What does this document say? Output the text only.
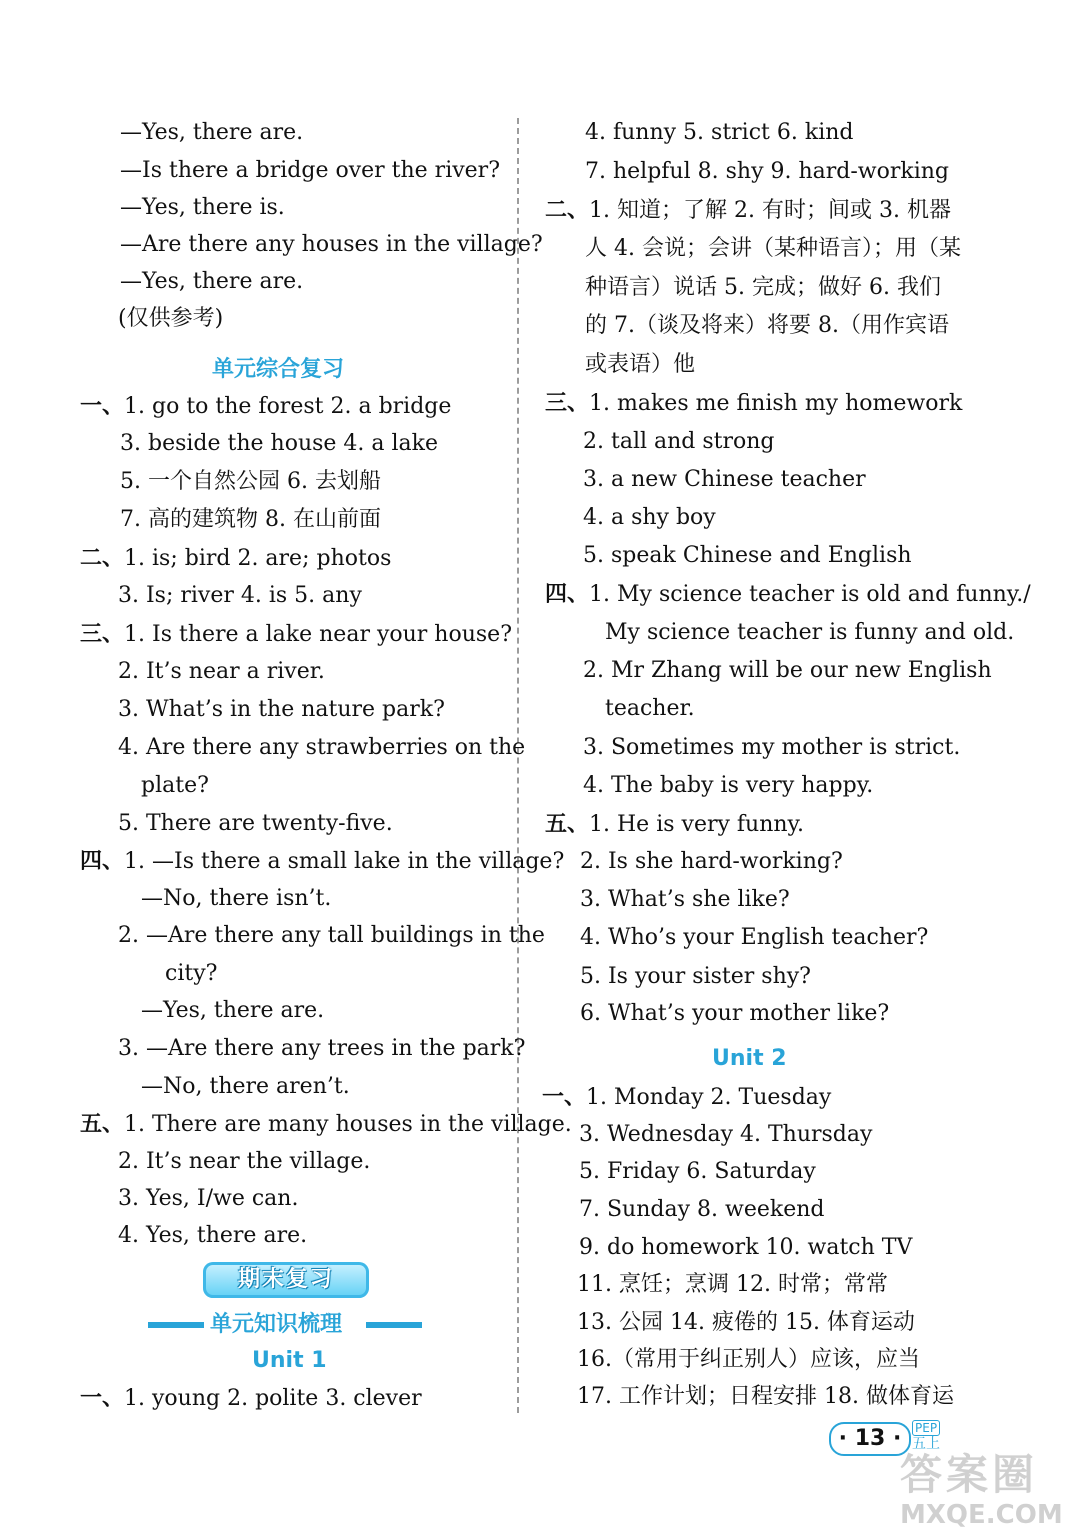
—Yes, there are.
—Is there a bridge over the river?
—Yes, there is.
—Are there any houses in the village?
—Yes, there are.
(仅供参考)
单元综合复习
一、1. go to the forest 2. a bridge
3. beside the house 4. a lake
5. 一个自然公园 6. 去划船
7. 高的建筑物 8. 在山前面
二、1. is; bird 2. are; photos
3. Is; river 4. is 5. any
三、1. Is there a lake near your house?
2. It’s near a river.
3. What’s in the nature park?
4. Are there any strawberries on the
plate?
5. There are twenty-five.
四、1. —Is there a small lake in the village?
—No, there isn’t.
2. —Are there any tall buildings in the
city?
—Yes, there are.
3. —Are there any trees in the park?
—No, there aren’t.
五、1. There are many houses in the village.
2. It’s near the village.
3. Yes, I/we can.
4. Yes, there are.
期末复习
单元知识梳理
Unit 1
一、1. young 2. polite 3. clever
4. funny 5. strict 6. kind
7. helpful 8. shy 9. hard-working
二、1. 知道；了解 2. 有时；间或 3. 机器
人 4. 会说；会讲（某种语言）；用（某
种语言）说话 5. 完成；做好 6. 我们
的 7.（谈及将来）将要 8.（用作宾语
或表语）他
三、1. makes me finish my homework
2. tall and strong
3. a new Chinese teacher
4. a shy boy
5. speak Chinese and English
四、1. My science teacher is old and funny./
My science teacher is funny and old.
2. Mr Zhang will be our new English
teacher.
3. Sometimes my mother is strict.
4. The baby is very happy.
五、1. He is very funny.
2. Is she hard-working?
3. What’s she like?
4. Who’s your English teacher?
5. Is your sister shy?
6. What’s your mother like?
Unit 2
一、1. Monday 2. Tuesday
3. Wednesday 4. Thursday
5. Friday 6. Saturday
7. Sunday 8. weekend
9. do homework 10. watch TV
11. 烹饪；烹调 12. 时常；常常
13. 公园 14. 疲倦的 15. 体育运动
16.（常用于纠正别人）应该，应当
17. 工作计划；日程安排 18. 做体育运
· 13 ·	PEP
五上
答案圈
MXQE.COM
